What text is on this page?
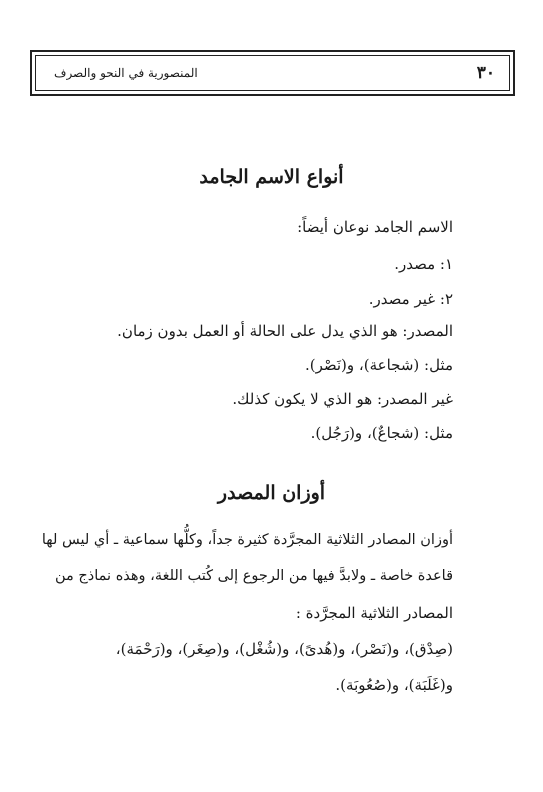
٣٠
المنصورية في النحو والصرف
أنواع الاسم الجامد
الاسم الجامد نوعان أيضاً:
١: مصدر.
٢: غير مصدر.
المصدر: هو الذي يدل على الحالة أو العمل بدون زمان.
مثل: (شجاعة)، و(نَصْر).
غير المصدر: هو الذي لا يكون كذلك.
مثل: (شجاعٌ)، و(رَجُل).
أوزان المصدر
أوزان المصادر الثلاثية المجرَّدة كثيرة جداً، وكلُّها سماعية ـ أي ليس لها
قاعدة خاصة ـ ولابدَّ فيها من الرجوع إلى كُتب اللغة، وهذه نماذج من
المصادر الثلاثية المجرَّدة :
(صِدْق)، و(نَصْر)، و(هُدىً)، و(شُغْل)، و(صِغَر)، و(رَحْمَة)،
و(غَلَبَة)، و(صُعُوبَة).
